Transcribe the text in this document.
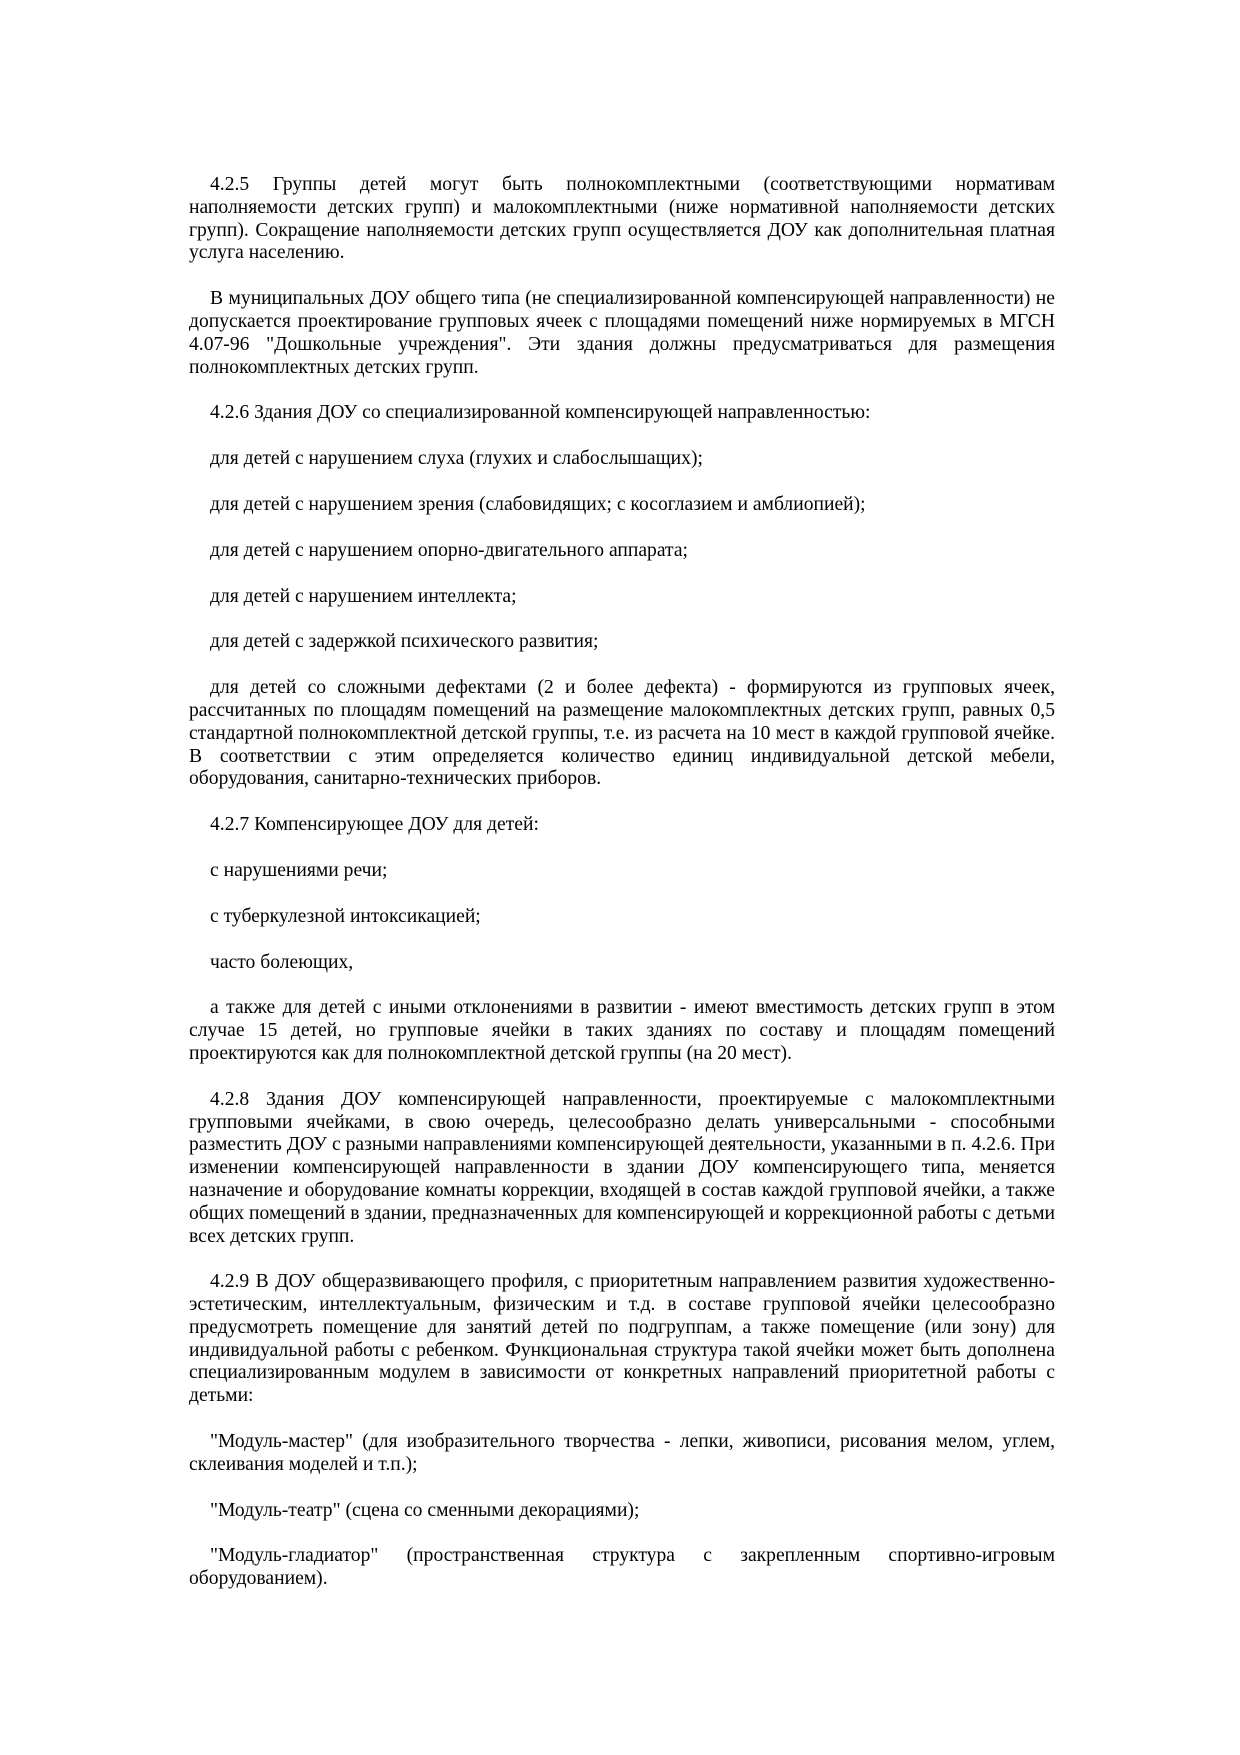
4.2.5 Группы детей могут быть полнокомплектными (соответствующими нормативам наполняемости детских групп) и малокомплектными (ниже нормативной наполняемости детских групп). Сокращение наполняемости детских групп осуществляется ДОУ как дополнительная платная услуга населению.

В муниципальных ДОУ общего типа (не специализированной компенсирующей направленности) не допускается проектирование групповых ячеек с площадями помещений ниже нормируемых в МГСН 4.07-96 "Дошкольные учреждения". Эти здания должны предусматриваться для размещения полнокомплектных детских групп.

4.2.6 Здания ДОУ со специализированной компенсирующей направленностью:

для детей с нарушением слуха (глухих и слабослышащих);

для детей с нарушением зрения (слабовидящих; с косоглазием и амблиопией);

для детей с нарушением опорно-двигательного аппарата;

для детей с нарушением интеллекта;

для детей с задержкой психического развития;

для детей со сложными дефектами (2 и более дефекта) - формируются из групповых ячеек, рассчитанных по площадям помещений на размещение малокомплектных детских групп, равных 0,5 стандартной полнокомплектной детской группы, т.е. из расчета на 10 мест в каждой групповой ячейке. В соответствии с этим определяется количество единиц индивидуальной детской мебели, оборудования, санитарно-технических приборов.

4.2.7 Компенсирующее ДОУ для детей:

с нарушениями речи;

с туберкулезной интоксикацией;

часто болеющих,

а также для детей с иными отклонениями в развитии - имеют вместимость детских групп в этом случае 15 детей, но групповые ячейки в таких зданиях по составу и площадям помещений проектируются как для полнокомплектной детской группы (на 20 мест).

4.2.8 Здания ДОУ компенсирующей направленности, проектируемые с малокомплектными групповыми ячейками, в свою очередь, целесообразно делать универсальными - способными разместить ДОУ с разными направлениями компенсирующей деятельности, указанными в п. 4.2.6. При изменении компенсирующей направленности в здании ДОУ компенсирующего типа, меняется назначение и оборудование комнаты коррекции, входящей в состав каждой групповой ячейки, а также общих помещений в здании, предназначенных для компенсирующей и коррекционной работы с детьми всех детских групп.

4.2.9 В ДОУ общеразвивающего профиля, с приоритетным направлением развития художественно-эстетическим, интеллектуальным, физическим и т.д. в составе групповой ячейки целесообразно предусмотреть помещение для занятий детей по подгруппам, а также помещение (или зону) для индивидуальной работы с ребенком. Функциональная структура такой ячейки может быть дополнена специализированным модулем в зависимости от конкретных направлений приоритетной работы с детьми:

"Модуль-мастер" (для изобразительного творчества - лепки, живописи, рисования мелом, углем, склеивания моделей и т.п.);

"Модуль-театр" (сцена со сменными декорациями);

"Модуль-гладиатор" (пространственная структура с закрепленным спортивно-игровым оборудованием).
